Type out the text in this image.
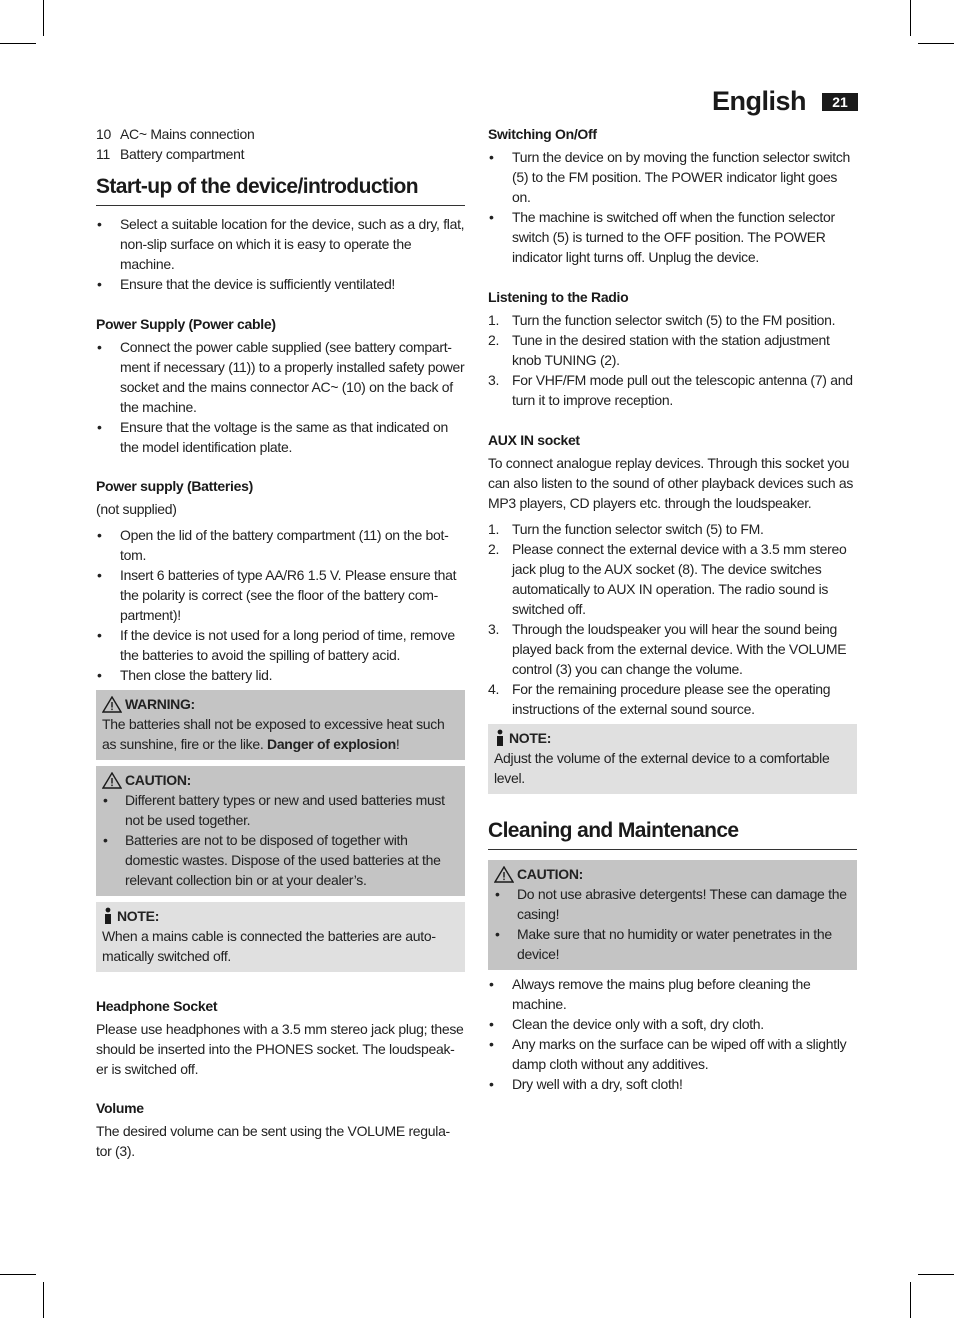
English	21
10 AC~ Mains connection
11 Battery compartment
Start-up of the device/introduction
•	Select a suitable location for the device, such as a dry, flat, non-slip surface on which it is easy to operate the machine.
•	Ensure that the device is sufficiently ventilated!
Power Supply (Power cable)
•	Connect the power cable supplied (see battery compart-ment if necessary (11)) to a properly installed safety power socket and the mains connector AC~ (10) on the back of the machine.
•	Ensure that the voltage is the same as that indicated on the model identification plate.
Power supply (Batteries)
(not supplied)
•	Open the lid of the battery compartment (11) on the bot-tom.
•	Insert 6 batteries of type AA/R6 1.5 V. Please ensure that the polarity is correct (see the floor of the battery com-partment)!
•	If the device is not used for a long period of time, remove the batteries to avoid the spilling of battery acid.
•	Then close the battery lid.
WARNING:
The batteries shall not be exposed to excessive heat such as sunshine, fire or the like. Danger of explosion!
CAUTION:
•	Different battery types or new and used batteries must not be used together.
•	Batteries are not to be disposed of together with domestic wastes. Dispose of the used batteries at the relevant collection bin or at your dealer’s.
NOTE:
When a mains cable is connected the batteries are auto-matically switched off.
Headphone Socket
Please use headphones with a 3.5 mm stereo jack plug; these should be inserted into the PHONES socket. The loudspeak-er is switched off.
Volume
The desired volume can be sent using the VOLUME regula-tor (3).
Switching On/Off
•	Turn the device on by moving the function selector switch (5) to the FM position. The POWER indicator light goes on.
•	The machine is switched off when the function selector switch (5) is turned to the OFF position. The POWER indicator light turns off. Unplug the device.
Listening to the Radio
1. Turn the function selector switch (5) to the FM position.
2. Tune in the desired station with the station adjustment knob TUNING (2).
3. For VHF/FM mode pull out the telescopic antenna (7) and turn it to improve reception.
AUX IN socket
To connect analogue replay devices. Through this socket you can also listen to the sound of other playback devices such as MP3 players, CD players etc. through the loudspeaker.
1. Turn the function selector switch (5) to FM.
2. Please connect the external device with a 3.5 mm stereo jack plug to the AUX socket (8). The device switches automatically to AUX IN operation. The radio sound is switched off.
3. Through the loudspeaker you will hear the sound being played back from the external device. With the VOLUME control (3) you can change the volume.
4. For the remaining procedure please see the operating instructions of the external sound source.
NOTE:
Adjust the volume of the external device to a comfortable level.
Cleaning and Maintenance
CAUTION:
•	Do not use abrasive detergents! These can damage the casing!
•	Make sure that no humidity or water penetrates in the device!
•	Always remove the mains plug before cleaning the machine.
•	Clean the device only with a soft, dry cloth.
•	Any marks on the surface can be wiped off with a slightly damp cloth without any additives.
•	Dry well with a dry, soft cloth!
